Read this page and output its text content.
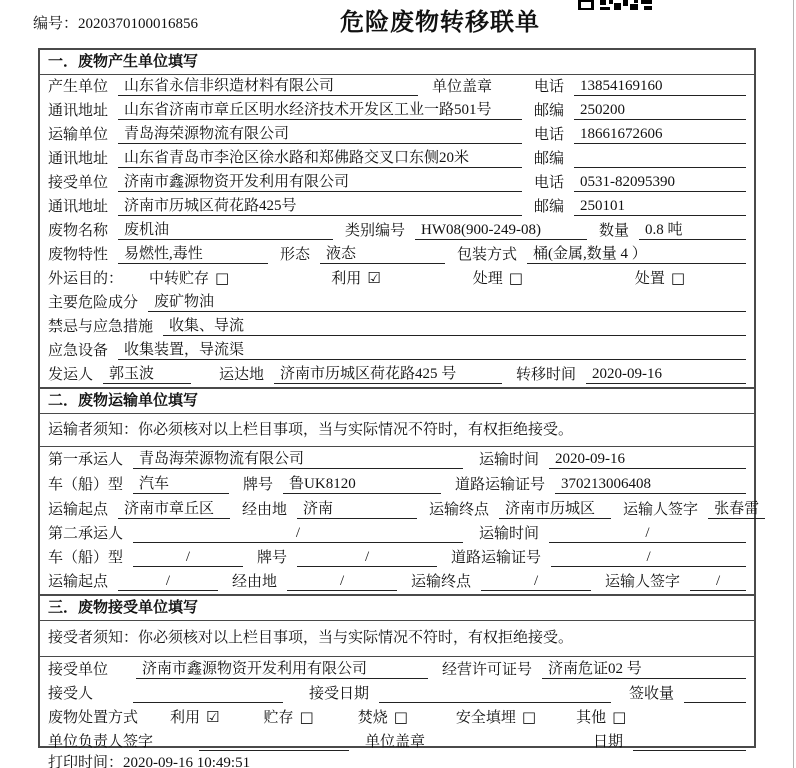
编号：2020370100016856	危险废物转移联单
一．废物产生单位填写
产生单位	山东省永信非织造材料有限公司	单位盖章	电话	13854169160
通讯地址	山东省济南市章丘区明水经济技术开发区工业一路501号	邮编	250200
运输单位	青岛海荣源物流有限公司	电话	18661672606
通讯地址	山东省青岛市李沧区徐水路和郑佛路交叉口东侧20米	邮编
接受单位	济南市鑫源物资开发利用有限公司	电话	0531-82095390
通讯地址	济南市历城区荷花路425号	邮编	250101
废物名称	废机油	类别编号	HW08(900-249-08)	数量	0.8 吨
废物特性	易燃性,毒性	形态	液态	包装方式	桶(金属,数量 4 ）
外运目的： 中转贮存 □	利用 ☑	处理 □	处置 □
主要危险成分	废矿物油
禁忌与应急措施	收集、导流
应急设备	收集装置，导流渠
发运人	郭玉波	运达地	济南市历城区荷花路425 号	转移时间	2020-09-16
二．废物运输单位填写
运输者须知：你必须核对以上栏目事项，当与实际情况不符时，有权拒绝接受。
第一承运人	青岛海荣源物流有限公司	运输时间	2020-09-16
车（船）型	汽车	牌号	鲁UK8120	道路运输证号	370213006408
运输起点	济南市章丘区	经由地	济南	运输终点	济南市历城区	运输人签字	张春雷
第二承运人	/	运输时间	/
车（船）型	/	牌号	/	道路运输证号	/
运输起点	/	经由地	/	运输终点	/	运输人签字	/
三．废物接受单位填写
接受者须知：你必须核对以上栏目事项，当与实际情况不符时，有权拒绝接受。
接受单位	济南市鑫源物资开发利用有限公司	经营许可证号	济南危证02 号
接受人	接受日期	签收量
废物处置方式 利用 ☑	贮存 □	焚烧 □	安全填埋 □	其他 □
单位负责人签字	单位盖章	日期
打印时间：2020-09-16 10:49:51
